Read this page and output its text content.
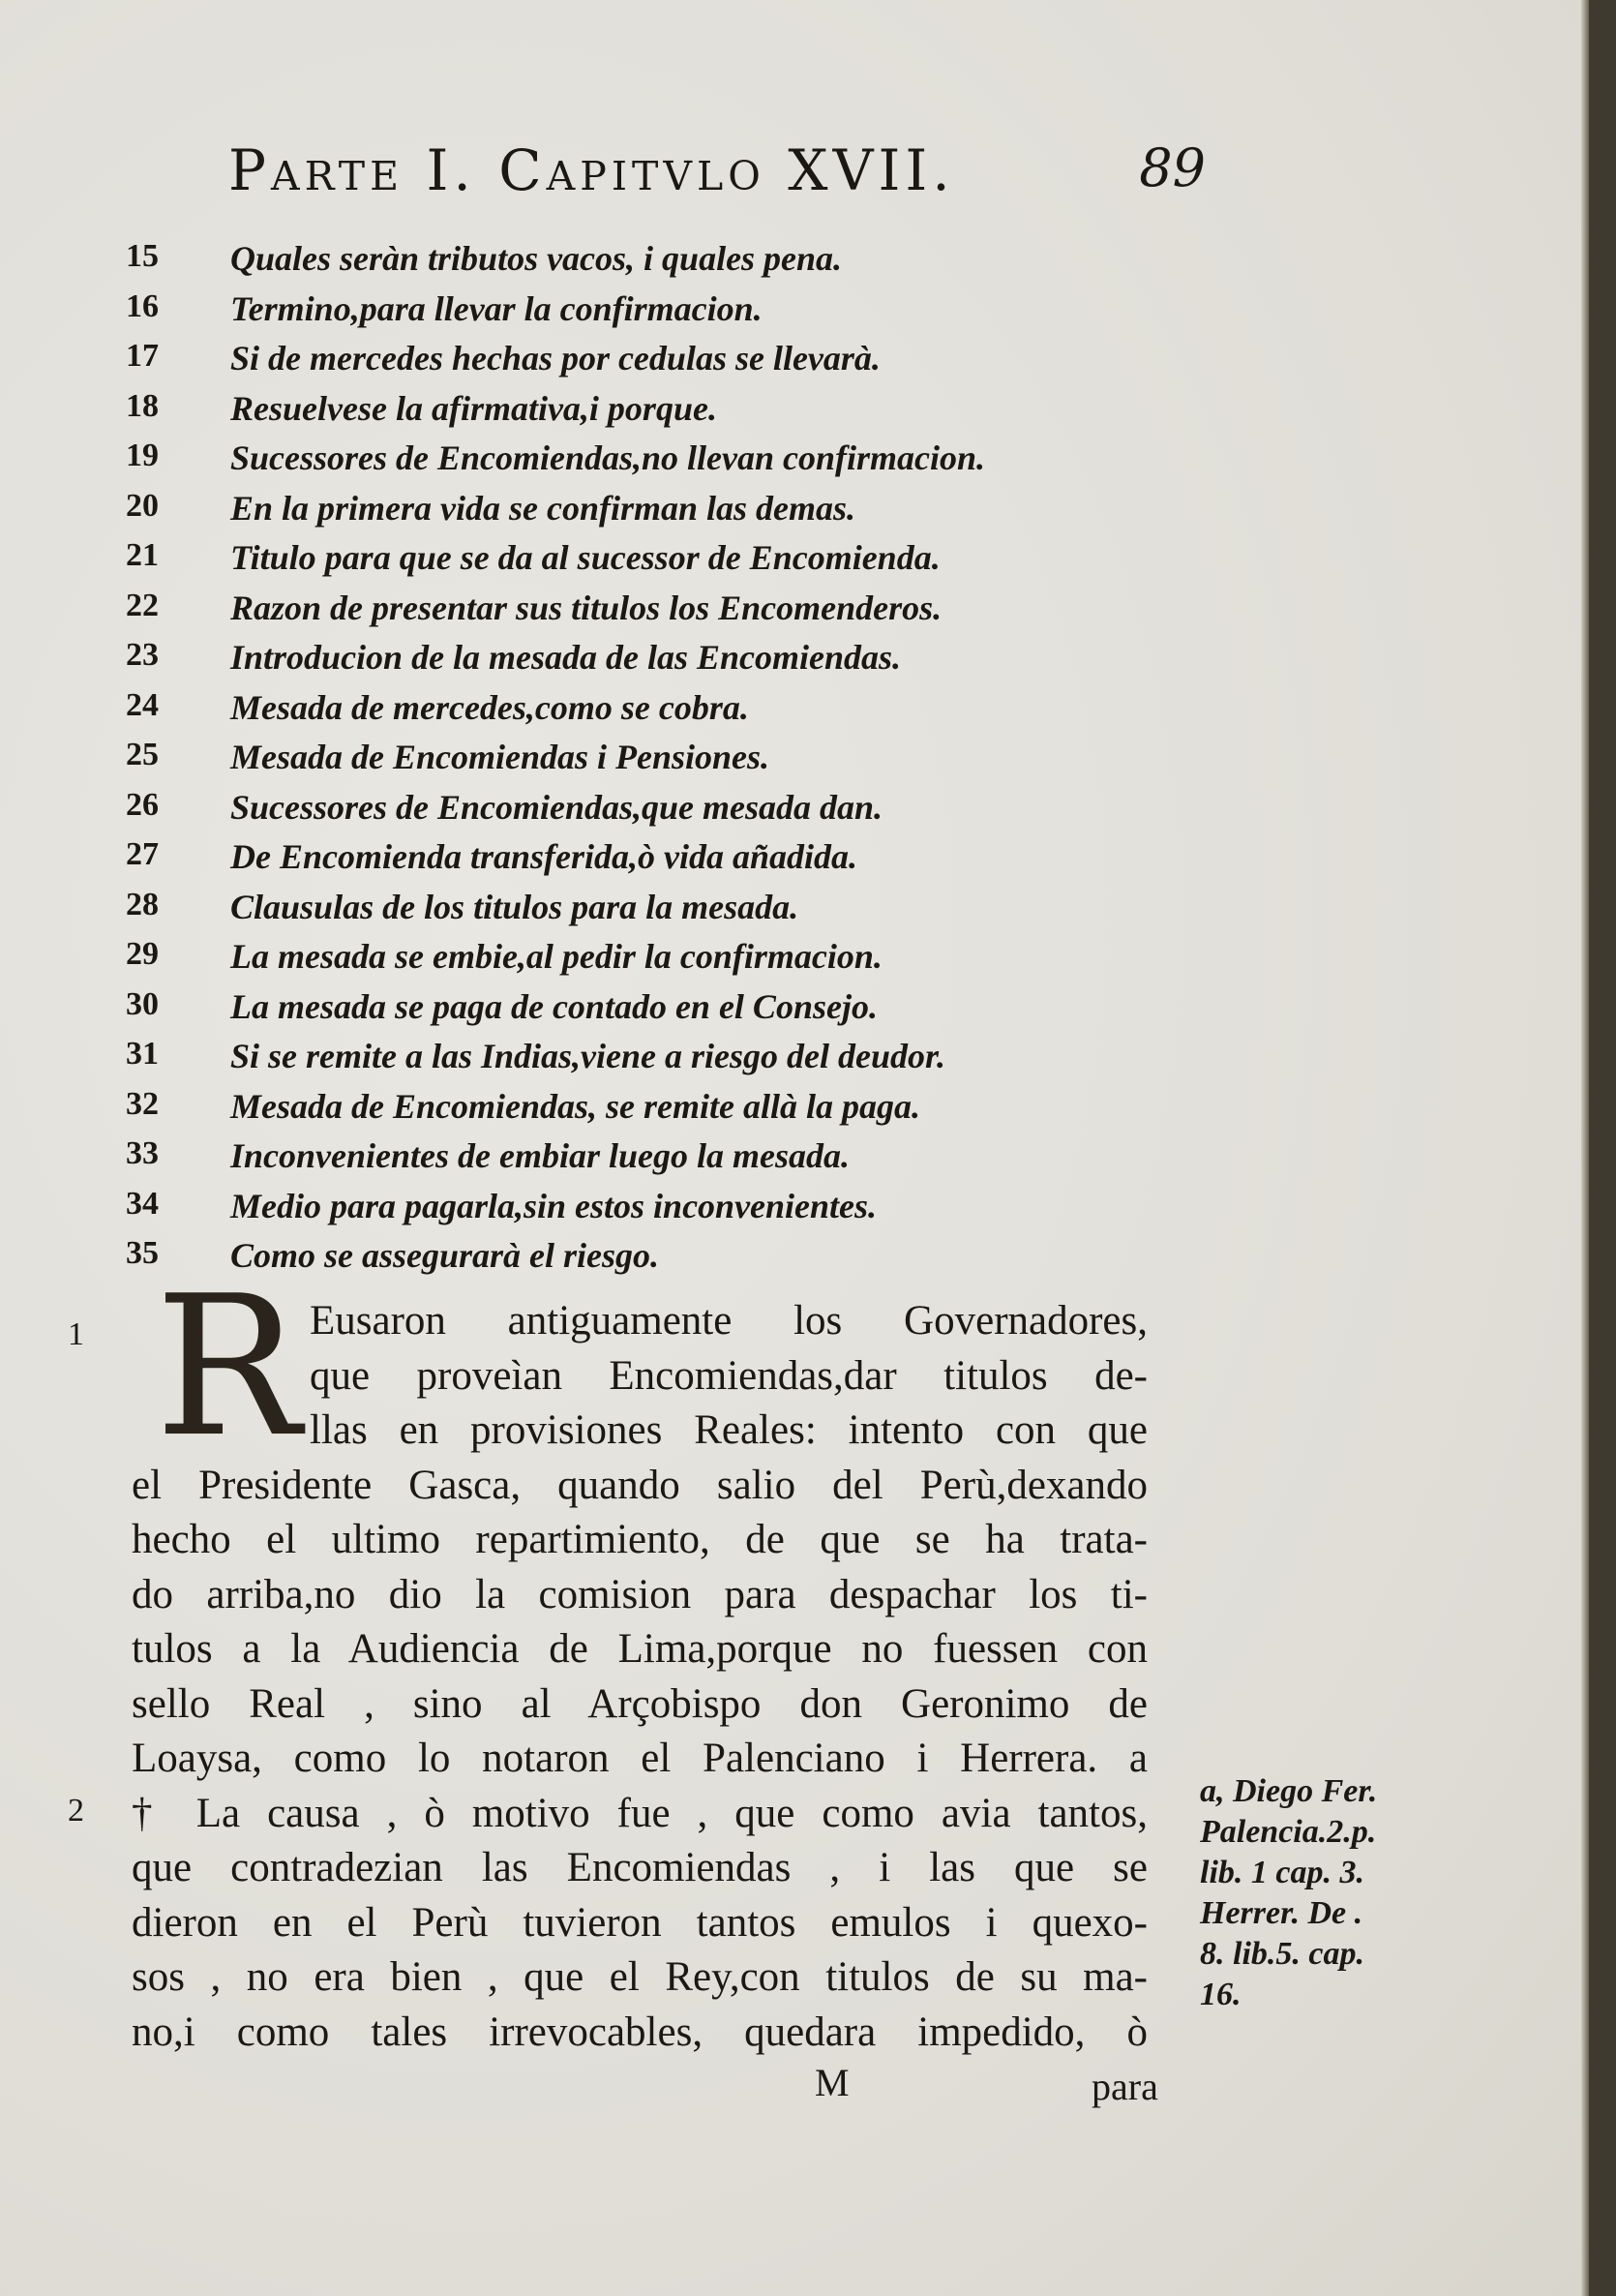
Parte I. Capitvlo XVII.	89
15	Quales seràn tributos vacos, i quales pena.
16	Termino,para llevar la confirmacion.
17	Si de mercedes hechas por cedulas se llevarà.
18	Resuelvese la afirmativa,i porque.
19	Sucessores de Encomiendas,no llevan confirmacion.
20	En la primera vida se confirman las demas.
21	Titulo para que se da al sucessor de Encomienda.
22	Razon de presentar sus titulos los Encomenderos.
23	Introducion de la mesada de las Encomiendas.
24	Mesada de mercedes,como se cobra.
25	Mesada de Encomiendas i Pensiones.
26	Sucessores de Encomiendas,que mesada dan.
27	De Encomienda transferida,ò vida añadida.
28	Clausulas de los titulos para la mesada.
29	La mesada se embie,al pedir la confirmacion.
30	La mesada se paga de contado en el Consejo.
31	Si se remite a las Indias,viene a riesgo del deudor.
32	Mesada de Encomiendas, se remite allà la paga.
33	Inconvenientes de embiar luego la mesada.
34	Medio para pagarla,sin estos inconvenientes.
35	Como se assegurarà el riesgo.
1
2
R Eusaron antiguamente los Governadores,
que proveìan Encomiendas,dar titulos de-
llas en provisiones Reales: intento con que
el Presidente Gasca, quando salio del Perù,dexando
hecho el ultimo repartimiento, de que se ha trata-
do arriba,no dio la comision para despachar los ti-
tulos a la Audiencia de Lima,porque no fuessen con
sello Real , sino al Arçobispo don Geronimo de
Loaysa, como lo notaron el Palenciano i Herrera. a
† La causa , ò motivo fue , que como avia tantos,
que contradezian las Encomiendas , i las que se
dieron en el Perù tuvieron tantos emulos i quexo-
sos , no era bien , que el Rey,con titulos de su ma-
no,i como tales irrevocables, quedara impedido, ò
a, Diego Fer.
Palencia.2.p.
lib. 1 cap. 3.
Herrer. De .
8. lib.5. cap.
16.
M	para
